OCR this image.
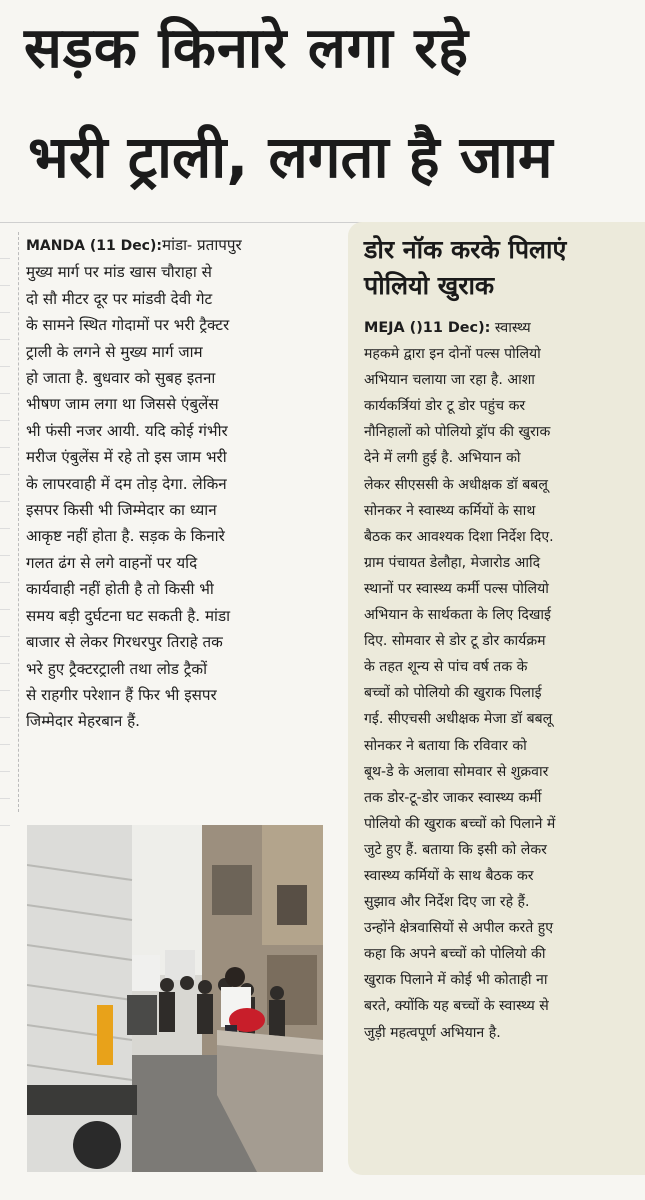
सड़क किनारे लगा रहे
भरी ट्राली, लगता है जाम
MANDA (11 Dec):मांडा- प्रतापपुर
मुख्य मार्ग पर मांड खास चौराहा से
दो सौ मीटर दूर पर मांडवी देवी गेट
के सामने स्थित गोदामों पर भरी ट्रैक्टर
ट्राली के लगने से मुख्य मार्ग जाम
हो जाता है. बुधवार को सुबह इतना
भीषण जाम लगा था जिससे एंबुलेंस
भी फंसी नजर आयी. यदि कोई गंभीर
मरीज एंबुलेंस में रहे तो इस जाम भरी
के लापरवाही में दम तोड़ देगा. लेकिन
इसपर किसी भी जिम्मेदार का ध्यान
आकृष्ट नहीं होता है. सड़क के किनारे
गलत ढंग से लगे वाहनों पर यदि
कार्यवाही नहीं होती है तो किसी भी
समय बड़ी दुर्घटना घट सकती है. मांडा
बाजार से लेकर गिरधरपुर तिराहे तक
भरे हुए ट्रैक्टरट्राली तथा लोड ट्रैकों
से राहगीर परेशान हैं फिर भी इसपर
जिम्मेदार मेहरबान हैं.
डोर नॉक करके पिलाएं
पोलियो खुराक
MEJA ()11 Dec): स्वास्थ्य
महकमे द्वारा इन दोनों पल्स पोलियो
अभियान चलाया जा रहा है. आशा
कार्यकर्त्रियां डोर टू डोर पहुंच कर
नौनिहालों को पोलियो ड्रॉप की खुराक
देने में लगी हुई है. अभियान को
लेकर सीएससी के अधीक्षक डॉ बबलू
सोनकर ने स्वास्थ्य कर्मियों के साथ
बैठक कर आवश्यक दिशा निर्देश दिए.
ग्राम पंचायत डेलौहा, मेजारोड आदि
स्थानों पर स्वास्थ्य कर्मी पल्स पोलियो
अभियान के सार्थकता के लिए दिखाई
दिए. सोमवार से डोर टू डोर कार्यक्रम
के तहत शून्य से पांच वर्ष तक के
बच्चों को पोलियो की खुराक पिलाई
गई. सीएचसी अधीक्षक मेजा डॉ बबलू
सोनकर ने बताया कि रविवार को
बूथ-डे के अलावा सोमवार से शुक्रवार
तक डोर-टू-डोर जाकर स्वास्थ्य कर्मी
पोलियो की खुराक बच्चों को पिलाने में
जुटे हुए हैं. बताया कि इसी को लेकर
स्वास्थ्य कर्मियों के साथ बैठक कर
सुझाव और निर्देश दिए जा रहे हैं.
उन्होंने क्षेत्रवासियों से अपील करते हुए
कहा कि अपने बच्चों को पोलियो की
खुराक पिलाने में कोई भी कोताही ना
बरते, क्योंकि यह बच्चों के स्वास्थ्य से
जुड़ी महत्वपूर्ण अभियान है.
